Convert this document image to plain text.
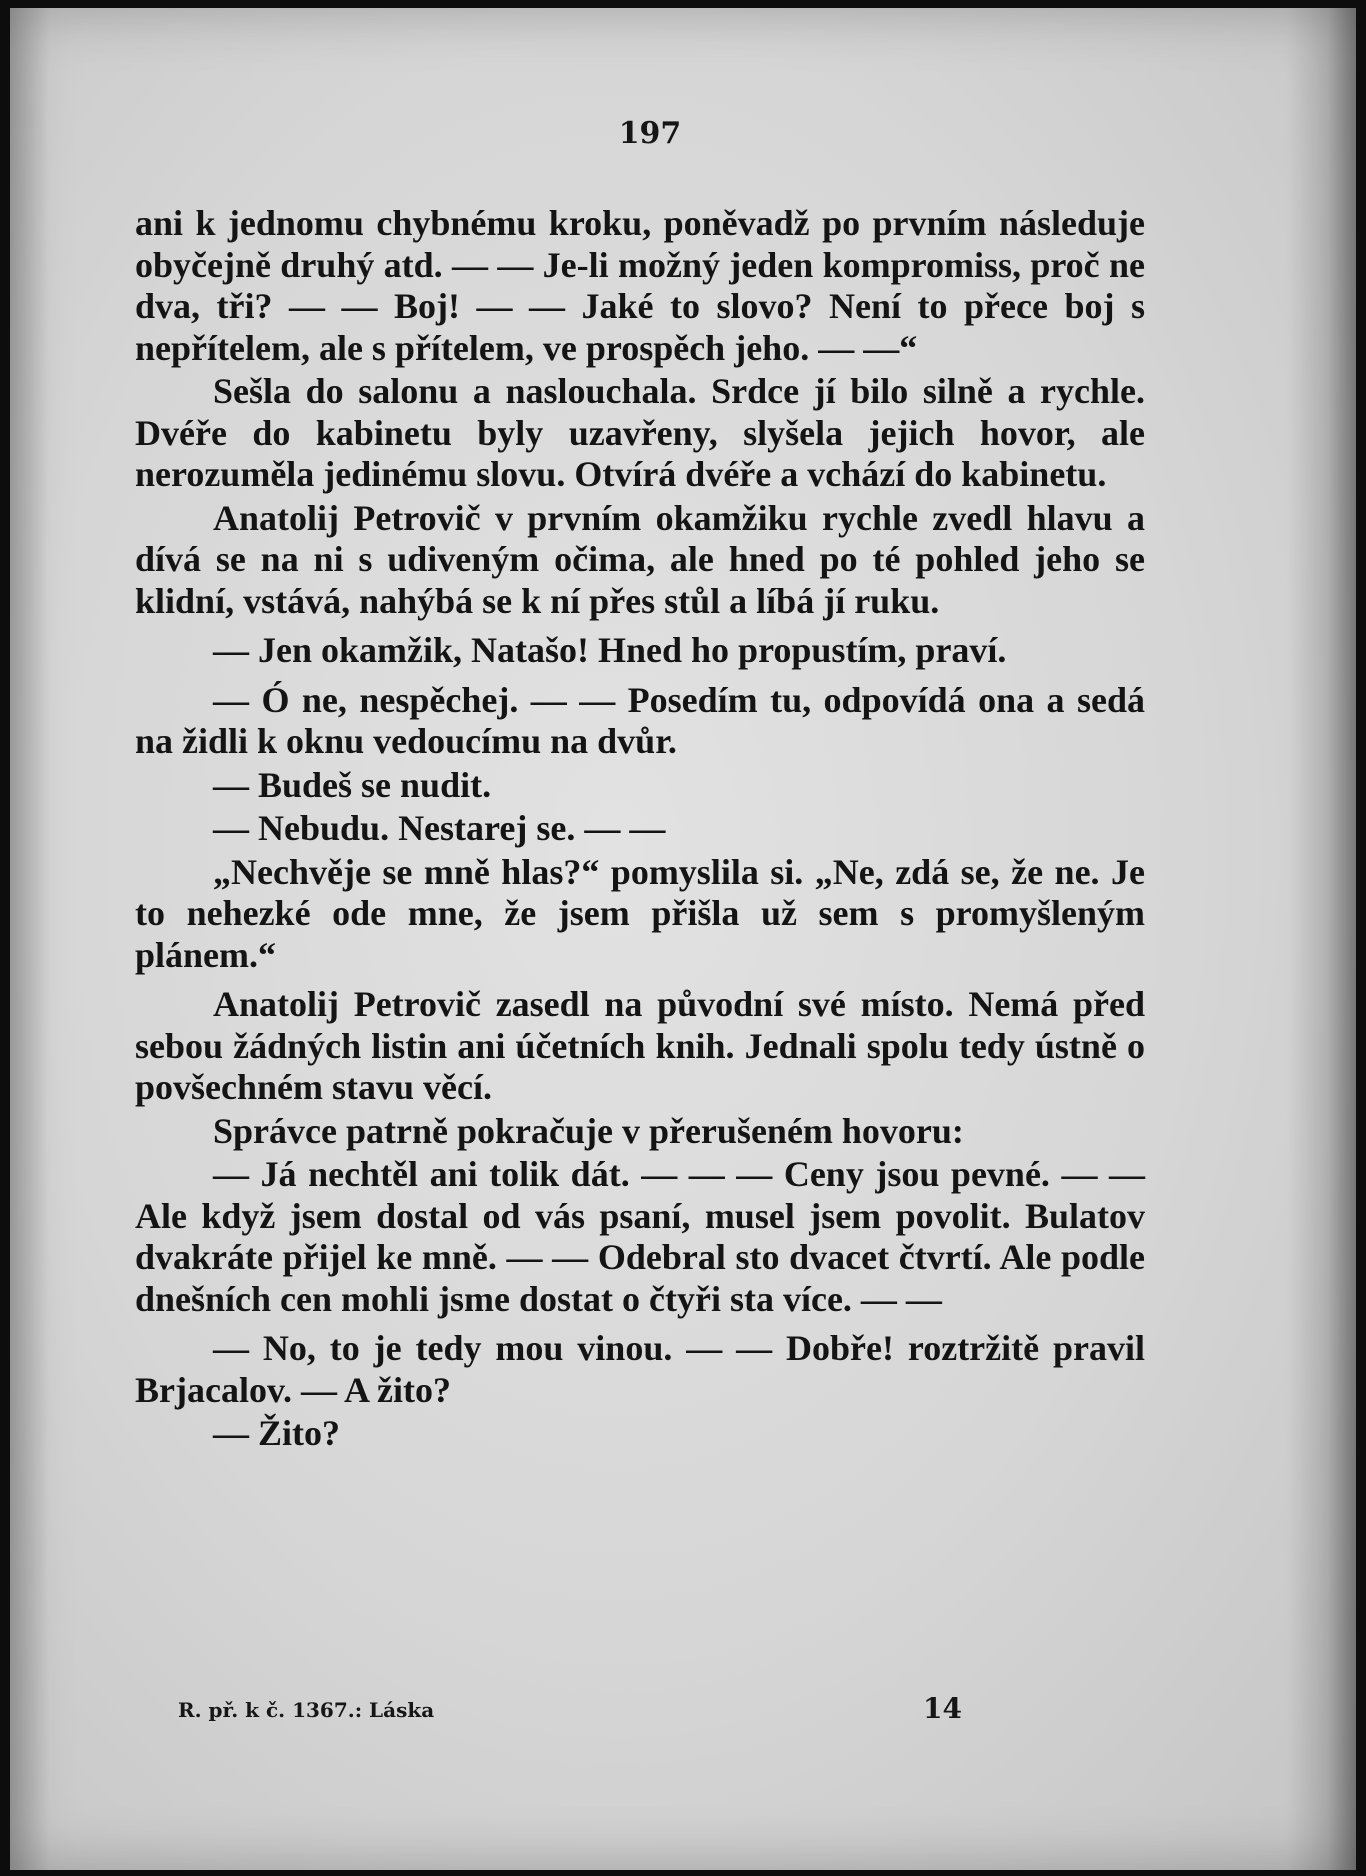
197

ani k jednomu chybnému kroku, poněvadž po prvním následuje obyčejně druhý atd. — — Je-li možný jeden kompromiss, proč ne dva, tři? — — Boj! — — Jaké to slovo? Není to přece boj s nepřítelem, ale s přítelem, ve prospěch jeho. — —“

Sešla do salonu a naslouchala. Srdce jí bilo silně a rychle. Dvéře do kabinetu byly uzavřeny, slyšela jejich hovor, ale nerozuměla jedinému slovu. Otvírá dvéře a vchází do kabinetu.

Anatolij Petrovič v prvním okamžiku rychle zvedl hlavu a dívá se na ni s udiveným očima, ale hned po té pohled jeho se klidní, vstává, nahýbá se k ní přes stůl a líbá jí ruku.

— Jen okamžik, Natašo! Hned ho propustím, praví.

— Ó ne, nespěchej. — — Posedím tu, odpovídá ona a sedá na židli k oknu vedoucímu na dvůr.

— Budeš se nudit.

— Nebudu. Nestarej se. — —

„Nechvěje se mně hlas?“ pomyslila si. „Ne, zdá se, že ne. Je to nehezké ode mne, že jsem přišla už sem s promyšleným plánem.“

Anatolij Petrovič zasedl na původní své místo. Nemá před sebou žádných listin ani účetních knih. Jednali spolu tedy ústně o povšechném stavu věcí.

Správce patrně pokračuje v přerušeném hovoru:

— Já nechtěl ani tolik dát. — — — Ceny jsou pevné. — — Ale když jsem dostal od vás psaní, musel jsem povolit. Bulatov dvakráte přijel ke mně. — — Odebral sto dvacet čtvrtí. Ale podle dnešních cen mohli jsme dostat o čtyři sta více. — —

— No, to je tedy mou vinou. — — Dobře! roztržitě pravil Brjacalov. — A žito?

— Žito?

R. př. k č. 1367.: Láska	14
